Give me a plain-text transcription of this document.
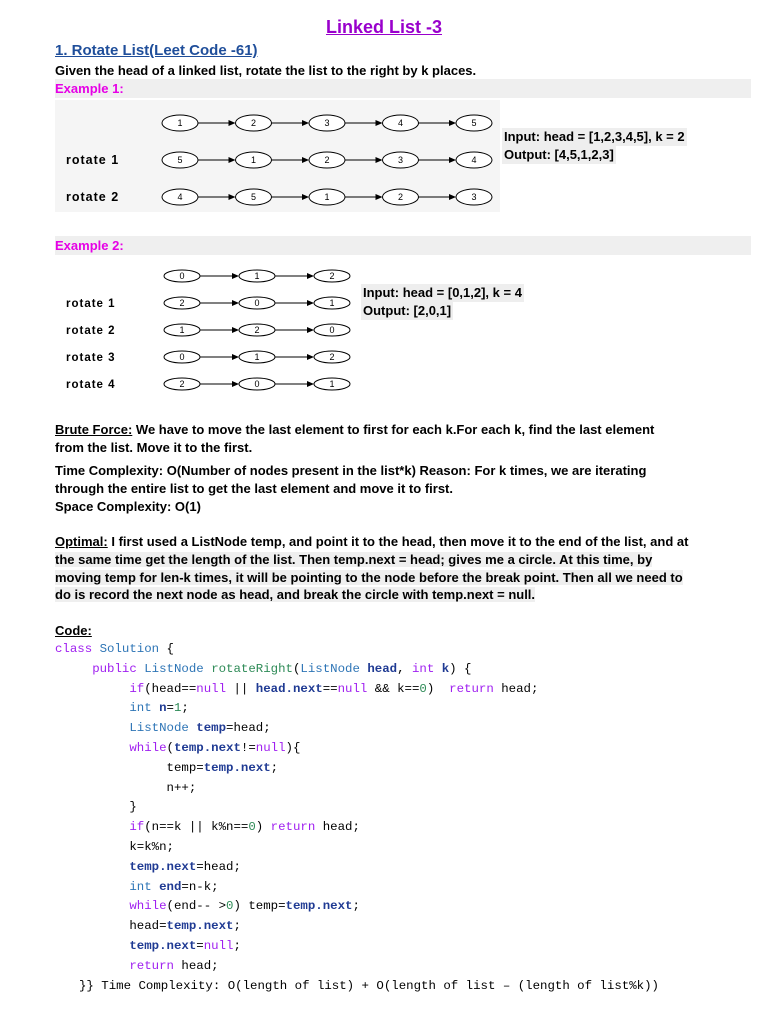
Linked List -3
1. Rotate List(Leet Code -61)
Given the head of a linked list, rotate the list to the right by k places.
Example 1:
1	2	3	4	5
rotate 1	5	1	2	3	4
rotate 2	4	5	1	2	3
Input: head = [1,2,3,4,5], k = 2
Output: [4,5,1,2,3]
Example 2:
0	1	2
rotate 1	2	0	1
rotate 2	1	2	0
rotate 3	0	1	2
rotate 4	2	0	1
Input: head = [0,1,2], k = 4
Output: [2,0,1]
Brute Force: We have to move the last element to first for each k.For each k, find the last element
from the list. Move it to the first.
Time Complexity: O(Number of nodes present in the list*k) Reason: For k times, we are iterating
through the entire list to get the last element and move it to first.
Space Complexity: O(1)
Optimal: I first used a ListNode temp, and point it to the head, then move it to the end of the list, and at
the same time get the length of the list. Then temp.next = head; gives me a circle. At this time, by
moving temp for len-k times, it will be pointing to the node before the break point. Then all we need to
do is record the next node as head, and break the circle with temp.next = null.
Code:
class Solution {
public ListNode rotateRight(ListNode head, int k) {
if(head==null || head.next==null && k==0)  return head;
int n=1;
ListNode temp=head;
while(temp.next!=null){
temp=temp.next;
n++;
}
if(n==k || k%n==0) return head;
k=k%n;
temp.next=head;
int end=n-k;
while(end-- >0) temp=temp.next;
head=temp.next;
temp.next=null;
return head;
}} Time Complexity: O(length of list) + O(length of list – (length of list%k))
